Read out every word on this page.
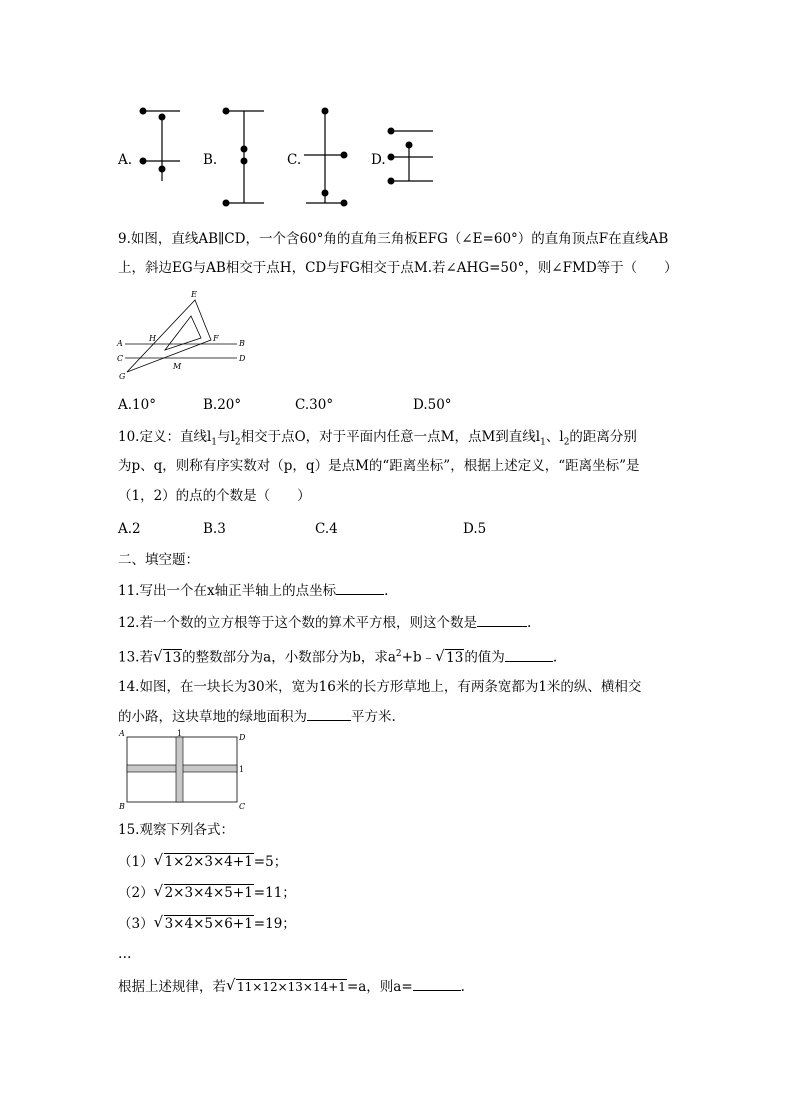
A.	B.	C.	D.
9.如图，直线AB∥CD，一个含60°角的直角三角板EFG（∠E=60°）的直角顶点F在直线AB
上，斜边EG与AB相交于点H，CD与FG相交于点M.若∠AHG=50°，则∠FMD等于（　　）
E
A
H	F
B
C	D
G
M
A.10°	B.20°	C.30°	D.50°
10.定义：直线$l_1$与$l_2$相交于点O，对于平面内任意一点M，点M到直线$l_1$、$l_2$的距离分别
为p、q，则称有序实数对（p，q）是点M的“距离坐标”，根据上述定义，“距离坐标”是
（1，2）的点的个数是（　　）
A.2	B.3	C.4	D.5
二、填空题：
11.写出一个在x轴正半轴上的点坐标	.
12.若一个数的立方根等于这个数的算术平方根，则这个数是	.
13.若 √ 13的整数部分为a，小数部分为b，求$a^2+b﹣$ √ 13的值为	.
14.如图，在一块长为30米，宽为16米的长方形草地上，有两条宽都为1米的纵、横相交
的小路，这块草地的绿地面积为	平方米.
A	D
B	C
1
1
15.观察下列各式：
（1） √ 1×2×3×4+1=5；
（2） √ 2×3×4×5+1=11；
（3） √ 3×4×5×6+1=19；
…
根据上述规律，若 √ 11×12×13×14+1=a，则a=	.
